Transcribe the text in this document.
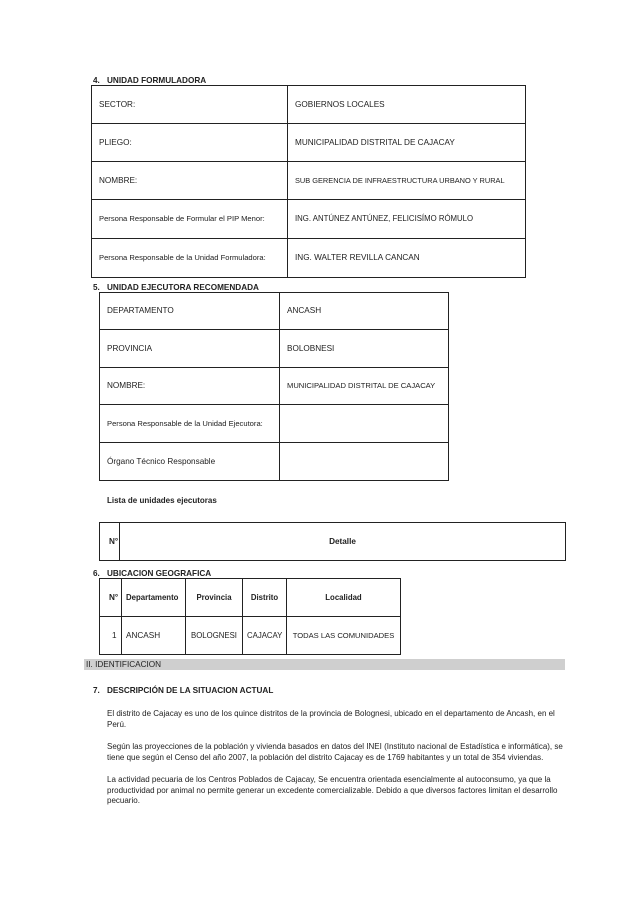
4. UNIDAD FORMULADORA
SECTOR:	GOBIERNOS LOCALES
PLIEGO:	MUNICIPALIDAD DISTRITAL DE CAJACAY
NOMBRE:	SUB GERENCIA DE INFRAESTRUCTURA URBANO Y RURAL
Persona Responsable de Formular el PIP Menor:	ING. ANTÚNEZ ANTÚNEZ, FELICISÍMO RÓMULO
Persona Responsable de la Unidad Formuladora:	ING. WALTER REVILLA CANCAN
5. UNIDAD EJECUTORA RECOMENDADA
DEPARTAMENTO	ANCASH
PROVINCIA	BOLOBNESI
NOMBRE:	MUNICIPALIDAD DISTRITAL DE CAJACAY
Persona Responsable de la Unidad Ejecutora:	
Órgano Técnico Responsable	
Lista de unidades ejecutoras
N°	Detalle
6. UBICACION GEOGRAFICA
N°	Departamento	Provincia	Distrito	Localidad
1	ANCASH	BOLOGNESI	CAJACAY	TODAS LAS COMUNIDADES
II. IDENTIFICACION
7. DESCRIPCIÓN DE LA SITUACION ACTUAL
El distrito de Cajacay es uno de los quince distritos de la provincia de Bolognesi, ubicado en el departamento de Ancash, en el Perú.
Según las proyecciones de la población y vivienda basados en datos del INEI (Instituto nacional de Estadística e informática), se tiene que según el Censo del año 2007, la población del distrito Cajacay es de 1769 habitantes y un total de 354 viviendas.
La actividad pecuaria de los Centros Poblados de Cajacay, Se encuentra orientada esencialmente al autoconsumo, ya que la productividad por animal no permite generar un excedente comercializable. Debido a que diversos factores limitan el desarrollo pecuario.
